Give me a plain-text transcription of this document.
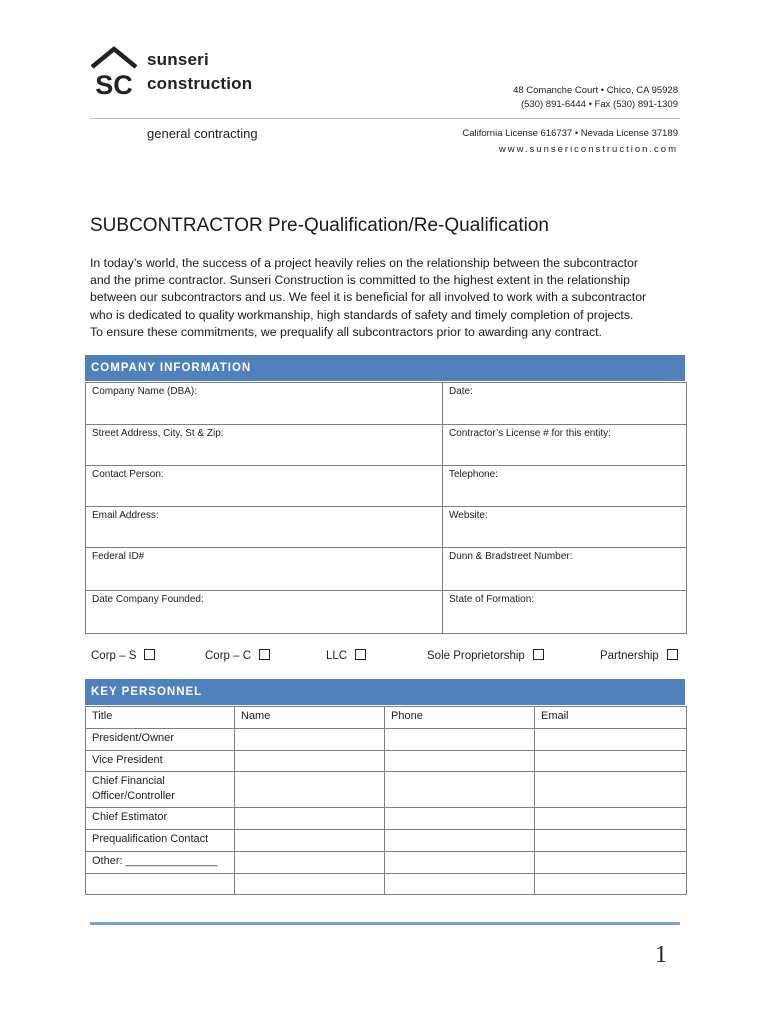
SC
sunseri
construction	48 Comanche Court • Chico, CA 95928
(530) 891-6444 • Fax (530) 891-1309
general contracting	California License 616737 • Nevada License 37189
www.sunsericonstruction.com
SUBCONTRACTOR Pre-Qualification/Re-Qualification
In today’s world, the success of a project heavily relies on the relationship between the subcontractor
and the prime contractor. Sunseri Construction is committed to the highest extent in the relationship
between our subcontractors and us. We feel it is beneficial for all involved to work with a subcontractor
who is dedicated to quality workmanship, high standards of safety and timely completion of projects.
To ensure these commitments, we prequalify all subcontractors prior to awarding any contract.
COMPANY INFORMATION
Company Name (DBA):	Date:
Street Address, City, St & Zip:	Contractor’s License # for this entity:
Contact Person:	Telephone:
Email Address:	Website:
Federal ID#	Dunn & Bradstreet Number:
Date Company Founded:	State of Formation:
Corp – S	Corp – C	LLC	Sole Proprietorship	Partnership
KEY PERSONNEL
Title	Name	Phone	Email
President/Owner			
Vice President			
Chief Financial Officer/Controller			
Chief Estimator			
Prequalification Contact			
Other: _______________			

1
